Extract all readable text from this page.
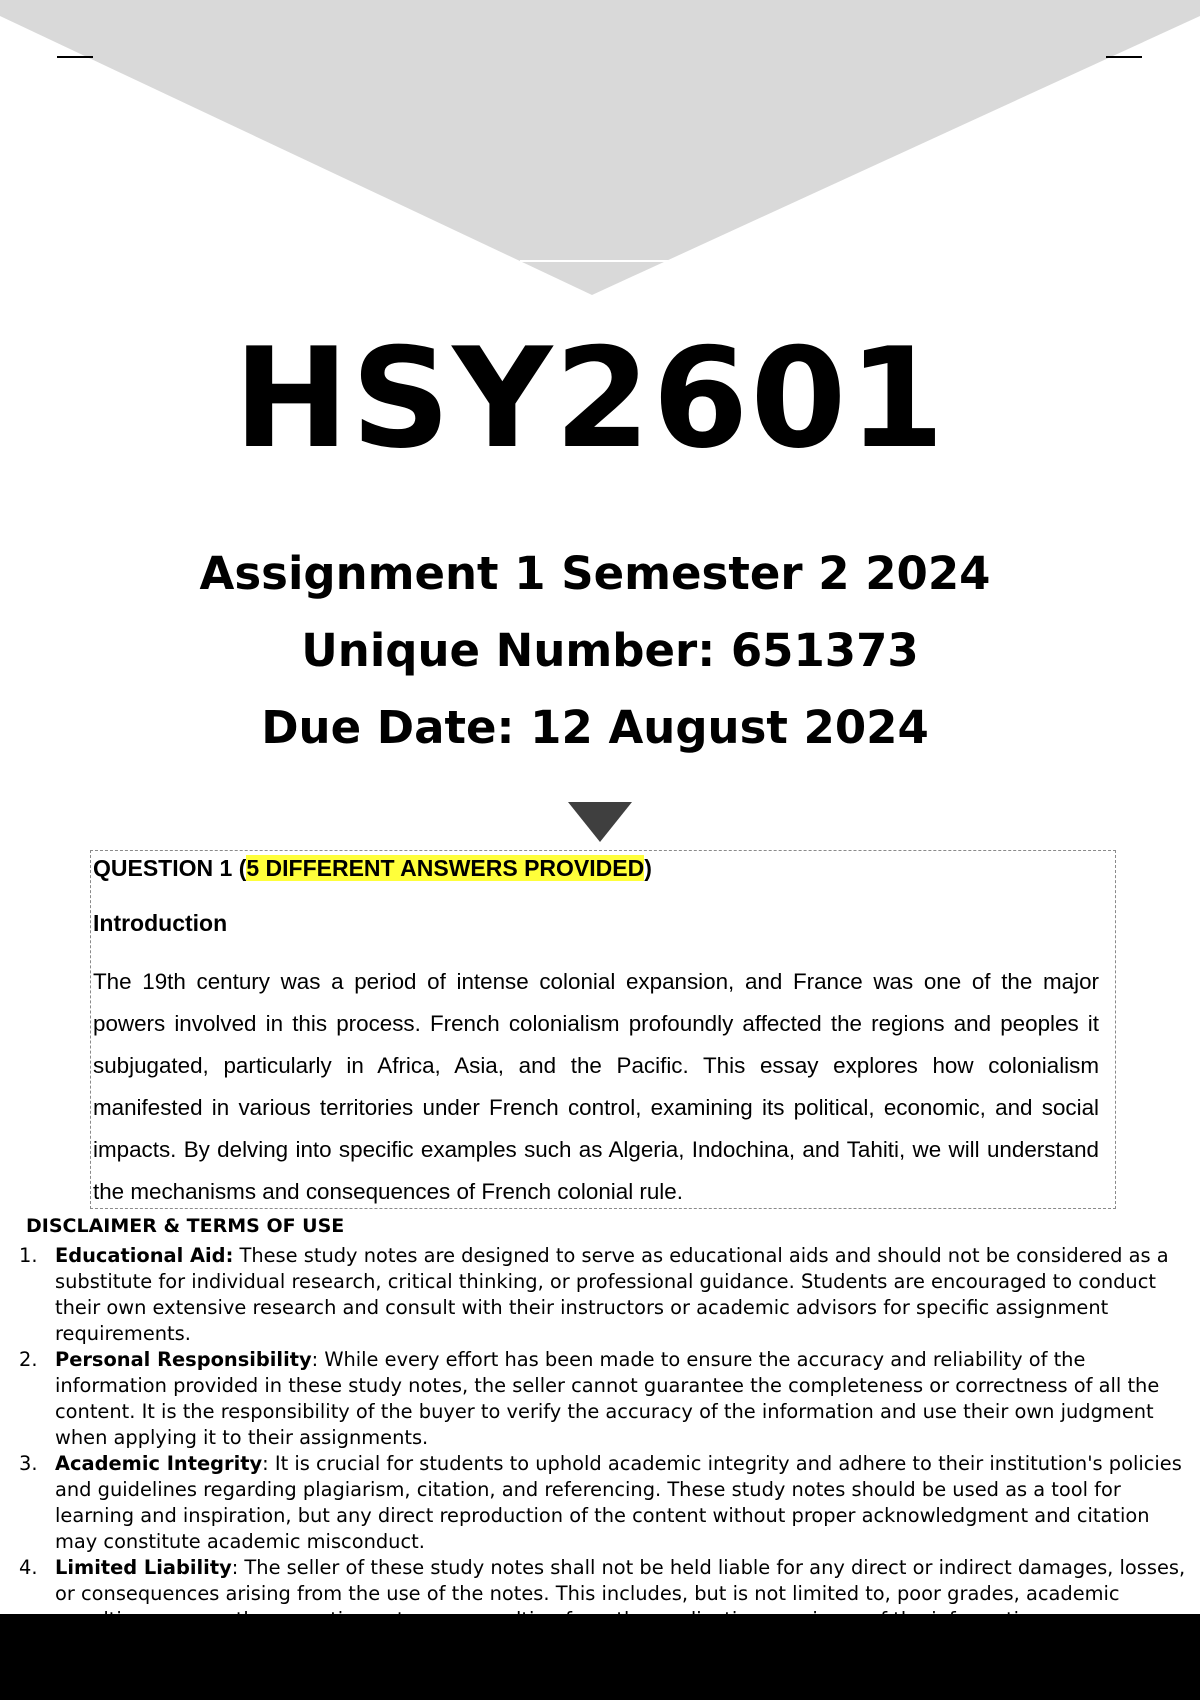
HSY2601
Assignment 1 Semester 2 2024
Unique Number: 651373
Due Date: 12 August 2024

QUESTION 1 (5 DIFFERENT ANSWERS PROVIDED)

Introduction

The 19th century was a period of intense colonial expansion, and France was one of the major powers involved in this process. French colonialism profoundly affected the regions and peoples it subjugated, particularly in Africa, Asia, and the Pacific. This essay explores how colonialism manifested in various territories under French control, examining its political, economic, and social impacts. By delving into specific examples such as Algeria, Indochina, and Tahiti, we will understand the mechanisms and consequences of French colonial rule.

DISCLAIMER & TERMS OF USE

1. Educational Aid: These study notes are designed to serve as educational aids and should not be considered as a substitute for individual research, critical thinking, or professional guidance. Students are encouraged to conduct their own extensive research and consult with their instructors or academic advisors for specific assignment requirements.
2. Personal Responsibility: While every effort has been made to ensure the accuracy and reliability of the information provided in these study notes, the seller cannot guarantee the completeness or correctness of all the content. It is the responsibility of the buyer to verify the accuracy of the information and use their own judgment when applying it to their assignments.
3. Academic Integrity: It is crucial for students to uphold academic integrity and adhere to their institution's policies and guidelines regarding plagiarism, citation, and referencing. These study notes should be used as a tool for learning and inspiration, but any direct reproduction of the content without proper acknowledgment and citation may constitute academic misconduct.
4. Limited Liability: The seller of these study notes shall not be held liable for any direct or indirect damages, losses, or consequences arising from the use of the notes. This includes, but is not limited to, poor grades, academic
